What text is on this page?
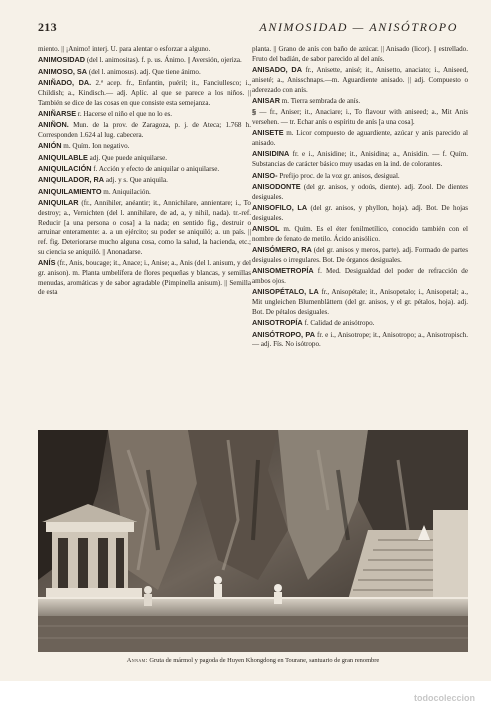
213	ANIMOSIDAD — ANISÓTROPO
miento. || ¡Animo! interj. U. para alentar o esforzar a alguno.
ANIMOSIDAD (del l. animositas). f. p. us. Ánimo. || Aversión, ojeriza.
ANIMOSO, SA (del l. animosus). adj. Que tiene ánimo.
ANIÑADO, DA. 2.ª acep. fr., Enfantin, puéril; it., Fanciullesco; i., Childish; a., Kindisch.— adj. Aplíc. al que se parece a los niños. || También se dice de las cosas en que consiste esta semejanza.
ANIÑARSE r. Hacerse el niño el que no lo es.
ANIÑON. Mun. de la prov. de Zaragoza, p. j. de Ateca; 1.768 h. Corresponden 1.624 al lug. cabecera.
ANIÓN m. Quím. Ion negativo.
ANIQUILABLE adj. Que puede aniquilarse.
ANIQUILACIÓN f. Acción y efecto de aniquilar o aniquilarse.
ANIQUILADOR, RA adj. y s. Que aniquila.
ANIQUILAMIENTO m. Aniquilación.
ANIQUILAR (fr., Annihiler, anéantir; it., Annichilare, annientare; i., To destroy; a., Vernichten (del l. annihilare, de ad, a, y nihil, nada). tr.-ref. Reducir [a una persona o cosa] a la nada; en sentido fig., destruir o arruinar enteramente: a. a un ejército; su poder se aniquiló; a. un país. || ref. fig. Deteriorarse mucho alguna cosa, como la salud, la hacienda, etc.; su ciencia se aniquiló. || Anonadarse.
ANÍS (fr., Anis, boucage; it., Anace; i., Anise; a., Anis (del l. anisum, y del gr. anison). m. Planta umbelífera de flores pequeñas y blancas, y semillas menudas, aromáticas y de sabor agradable (Pimpinella anisum). || Semilla de esta
planta. || Grano de anís con baño de azúcar. || Anisado (licor). || estrellado. Fruto del badián, de sabor parecido al del anís.
ANISADO, DA fr., Anisette, anisé; it., Anisetto, anaciato; i., Aniseed, aniseté; a., Anisschnaps.—m. Aguardiente anisado. || adj. Compuesto o aderezado con anís.
ANISAR m. Tierra sembrada de anís.
§ — fr., Aniser; it., Anaciare; i., To flavour with aniseed; a., Mit Anis versehen. — tr. Echar anís o espíritu de anís [a una cosa].
ANISETE m. Licor compuesto de aguardiente, azúcar y anís parecido al anisado.
ANISIDINA fr. e i., Anisidine; it., Anisidina; a., Anisidin. — f. Quím. Substancias de carácter básico muy usadas en la ind. de colorantes.
ANISO- Prefijo proc. de la voz gr. anisos, desigual.
ANISODONTE (del gr. anisos, y odoús, diente). adj. Zool. De dientes desiguales.
ANISOFILO, LA (del gr. anisos, y phyllon, hoja). adj. Bot. De hojas desiguales.
ANISOL m. Quím. Es el éter fenilmetílico, conocido también con el nombre de fenato de metilo. Ácido anisólico.
ANISÓMERO, RA (del gr. anisos y meros, parte). adj. Formado de partes desiguales o irregulares. Bot. De órganos desiguales.
ANISOMETROPÍA f. Med. Desigualdad del poder de refracción de ambos ojos.
ANISOPÉTALO, LA fr., Anisopétale; it., Anisopetalo; i., Anisopetal; a., Mit ungleichen Blumenblättern (del gr. anisos, y el gr. pétalos, hoja). adj. Bot. De pétalos desiguales.
ANISOTROPÍA f. Calidad de anisótropo.
ANISÓTROPO, PA fr. e i., Anisotrope; it., Anisotropo; a., Anisotropisch. — adj. Fís. No isótropo.
Annam: Gruta de mármol y pagoda de Huyen Khongdong en Tourane, santuario de gran renombre
todocoleccion
